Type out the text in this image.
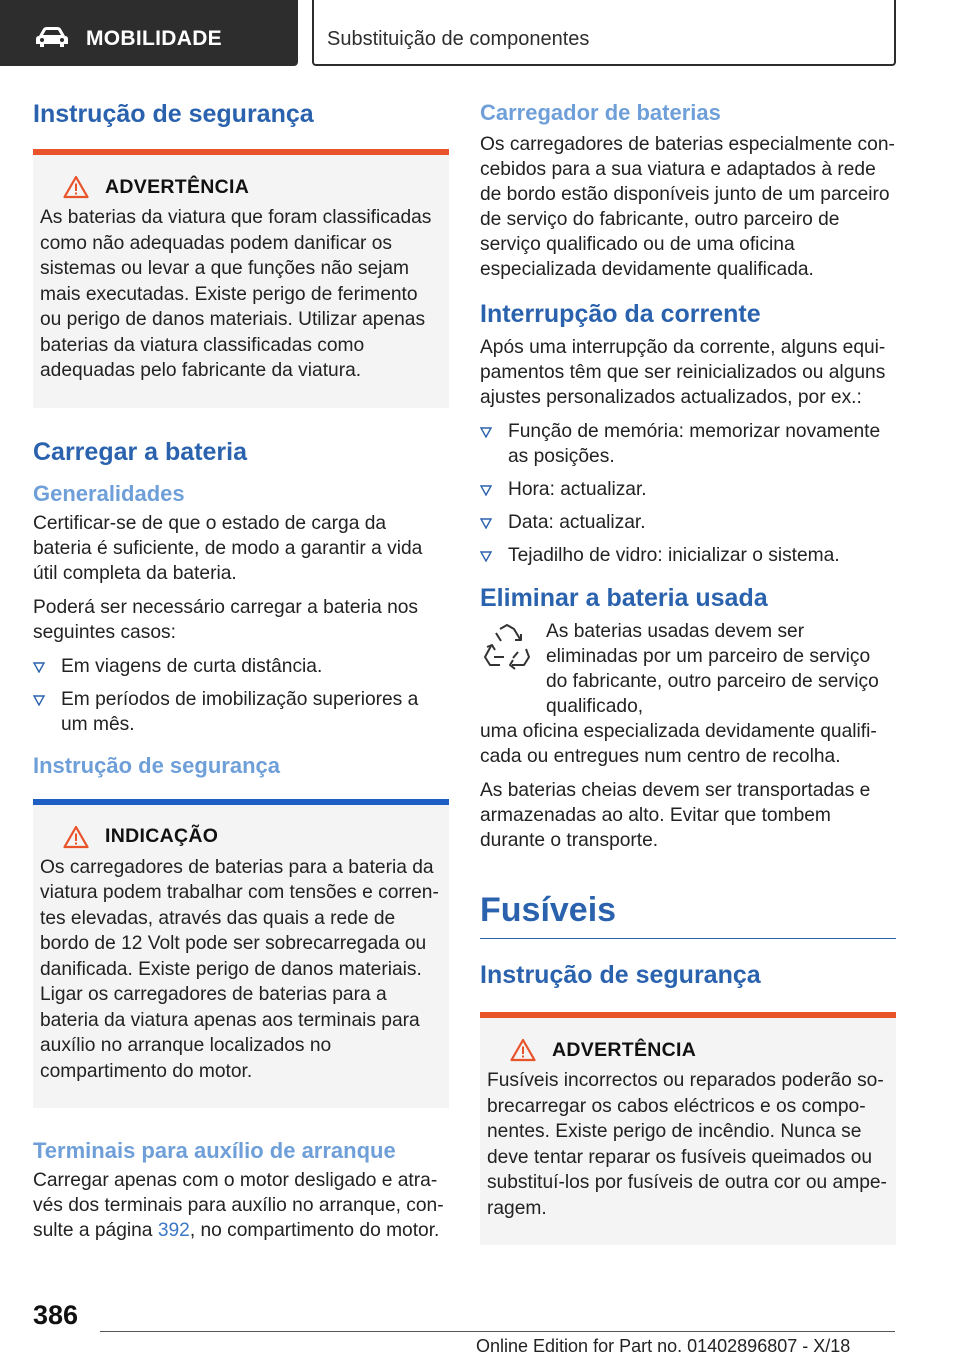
MOBILIDADE	Substituição de componentes
Instrução de segurança
ADVERTÊNCIA

As baterias da viatura que foram classificadas como não adequadas podem danificar os sistemas ou levar a que funções não sejam mais executadas. Existe perigo de ferimento ou perigo de danos materiais. Utilizar apenas baterias da viatura classificadas como adequadas pelo fabricante da viatura.

Carregar a bateria
Generalidades

Certificar-se de que o estado de carga da bateria é suficiente, de modo a garantir a vida útil completa da bateria.

Poderá ser necessário carregar a bateria nos seguintes casos:

Em viagens de curta distância.
Em períodos de imobilização superiores a um mês.
Instrução de segurança
INDICAÇÃO

Os carregadores de baterias para a bateria da viatura podem trabalhar com tensões e correntes elevadas, através das quais a rede de bordo de 12 Volt pode ser sobrecarregada ou danificada. Existe perigo de danos materiais. Ligar os carregadores de baterias para a bateria da viatura apenas aos terminais para auxílio no arranque localizados no compartimento do motor.

Terminais para auxílio de arranque

Carregar apenas com o motor desligado e através dos terminais para auxílio no arranque, consulte a página 392, no compartimento do motor.

Carregador de baterias

Os carregadores de baterias especialmente concebidos para a sua viatura e adaptados à rede de bordo estão disponíveis junto de um parceiro de serviço do fabricante, outro parceiro de serviço qualificado ou de uma oficina especializada devidamente qualificada.

Interrupção da corrente

Após uma interrupção da corrente, alguns equipamentos têm que ser reinicializados ou alguns ajustes personalizados actualizados, por ex.:

Função de memória: memorizar novamente as posições.
Hora: actualizar.
Data: actualizar.
Tejadilho de vidro: inicializar o sistema.
Eliminar a bateria usada

As baterias usadas devem ser eliminadas por um parceiro de serviço do fabricante, outro parceiro de serviço qualificado,

uma oficina especializada devidamente qualificada ou entregues num centro de recolha.

As baterias cheias devem ser transportadas e armazenadas ao alto. Evitar que tombem durante o transporte.

Fusíveis
Instrução de segurança
ADVERTÊNCIA

Fusíveis incorrectos ou reparados poderão sobrecarregar os cabos eléctricos e os componentes. Existe perigo de incêndio. Nunca se deve tentar reparar os fusíveis queimados ou substituí-los por fusíveis de outra cor ou amperagem.

386
Online Edition for Part no. 01402896807 - X/18
